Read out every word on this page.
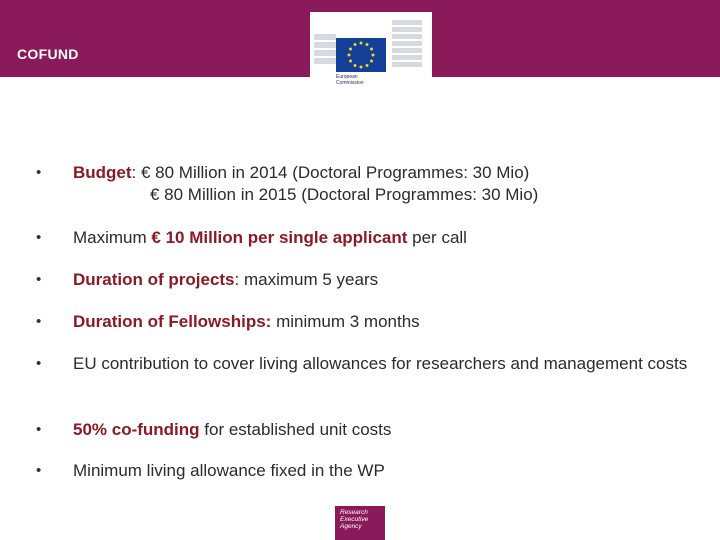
COFUND
European
Commission
• Budget: € 80 Million in 2014 (Doctoral Programmes: 30 Mio)
€ 80 Million in 2015 (Doctoral Programmes: 30 Mio)
• Maximum € 10 Million per single applicant per call
• Duration of projects: maximum 5 years
• Duration of Fellowships: minimum 3 months
• EU contribution to cover living allowances for researchers and management costs
• 50% co-funding for established unit costs
• Minimum living allowance fixed in the WP
Research
Executive
Agency
